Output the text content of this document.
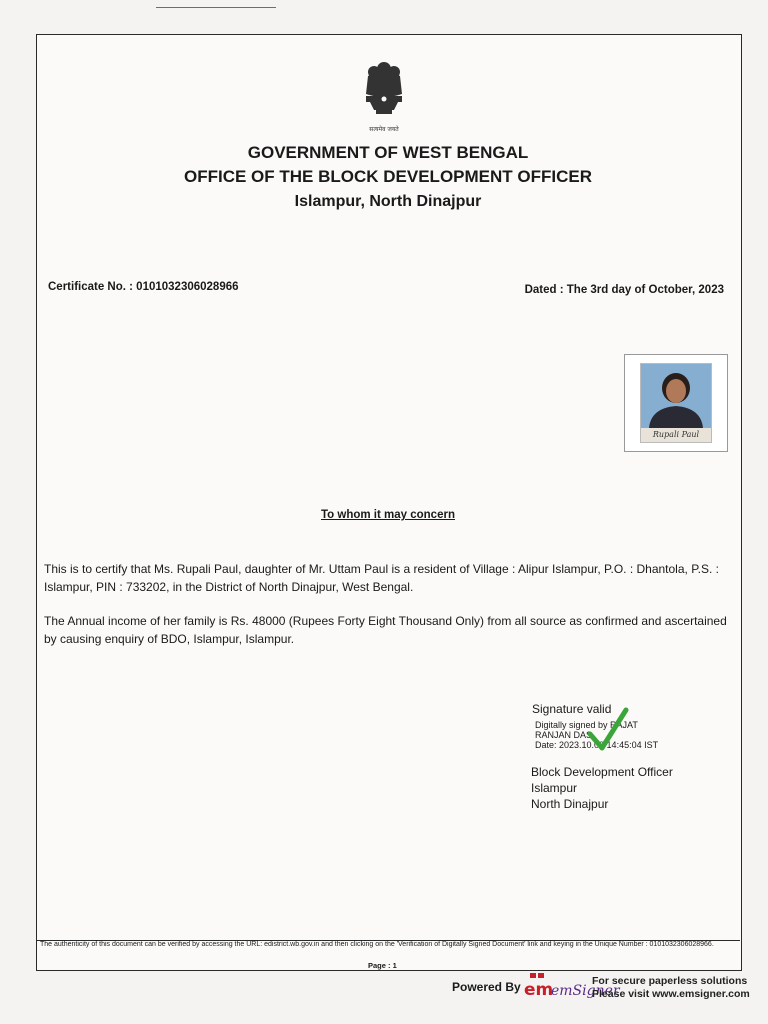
सत्यमेव जयते
GOVERNMENT OF WEST BENGAL
OFFICE OF THE BLOCK DEVELOPMENT OFFICER
Islampur, North Dinajpur
Certificate No. : 0101032306028966	Dated : The 3rd day of October, 2023
Rupali Paul
To whom it may concern
This is to certify that Ms. Rupali Paul, daughter of Mr. Uttam Paul is a resident of Village : Alipur Islampur, P.O. : Dhantola, P.S. : Islampur, PIN : 733202, in the District of North Dinajpur, West Bengal.
The Annual income of her family is Rs. 48000 (Rupees Forty Eight Thousand Only) from all source as confirmed and ascertained by causing enquiry of BDO, Islampur, Islampur.
Signature valid
Digitally signed by RAJAT
RANJAN DAS
Date: 2023.10.03 14:45:04 IST
Block Development Officer
Islampur
North Dinajpur
The authenticity of this document can be verified by accessing the URL: edistrict.wb.gov.in and then clicking on the 'Verification of Digitally Signed Document' link and keying in the Unique Number : 0101032306028966.
Page : 1
Powered By em
emSigner
For secure paperless solutions
Please visit www.emsigner.com
